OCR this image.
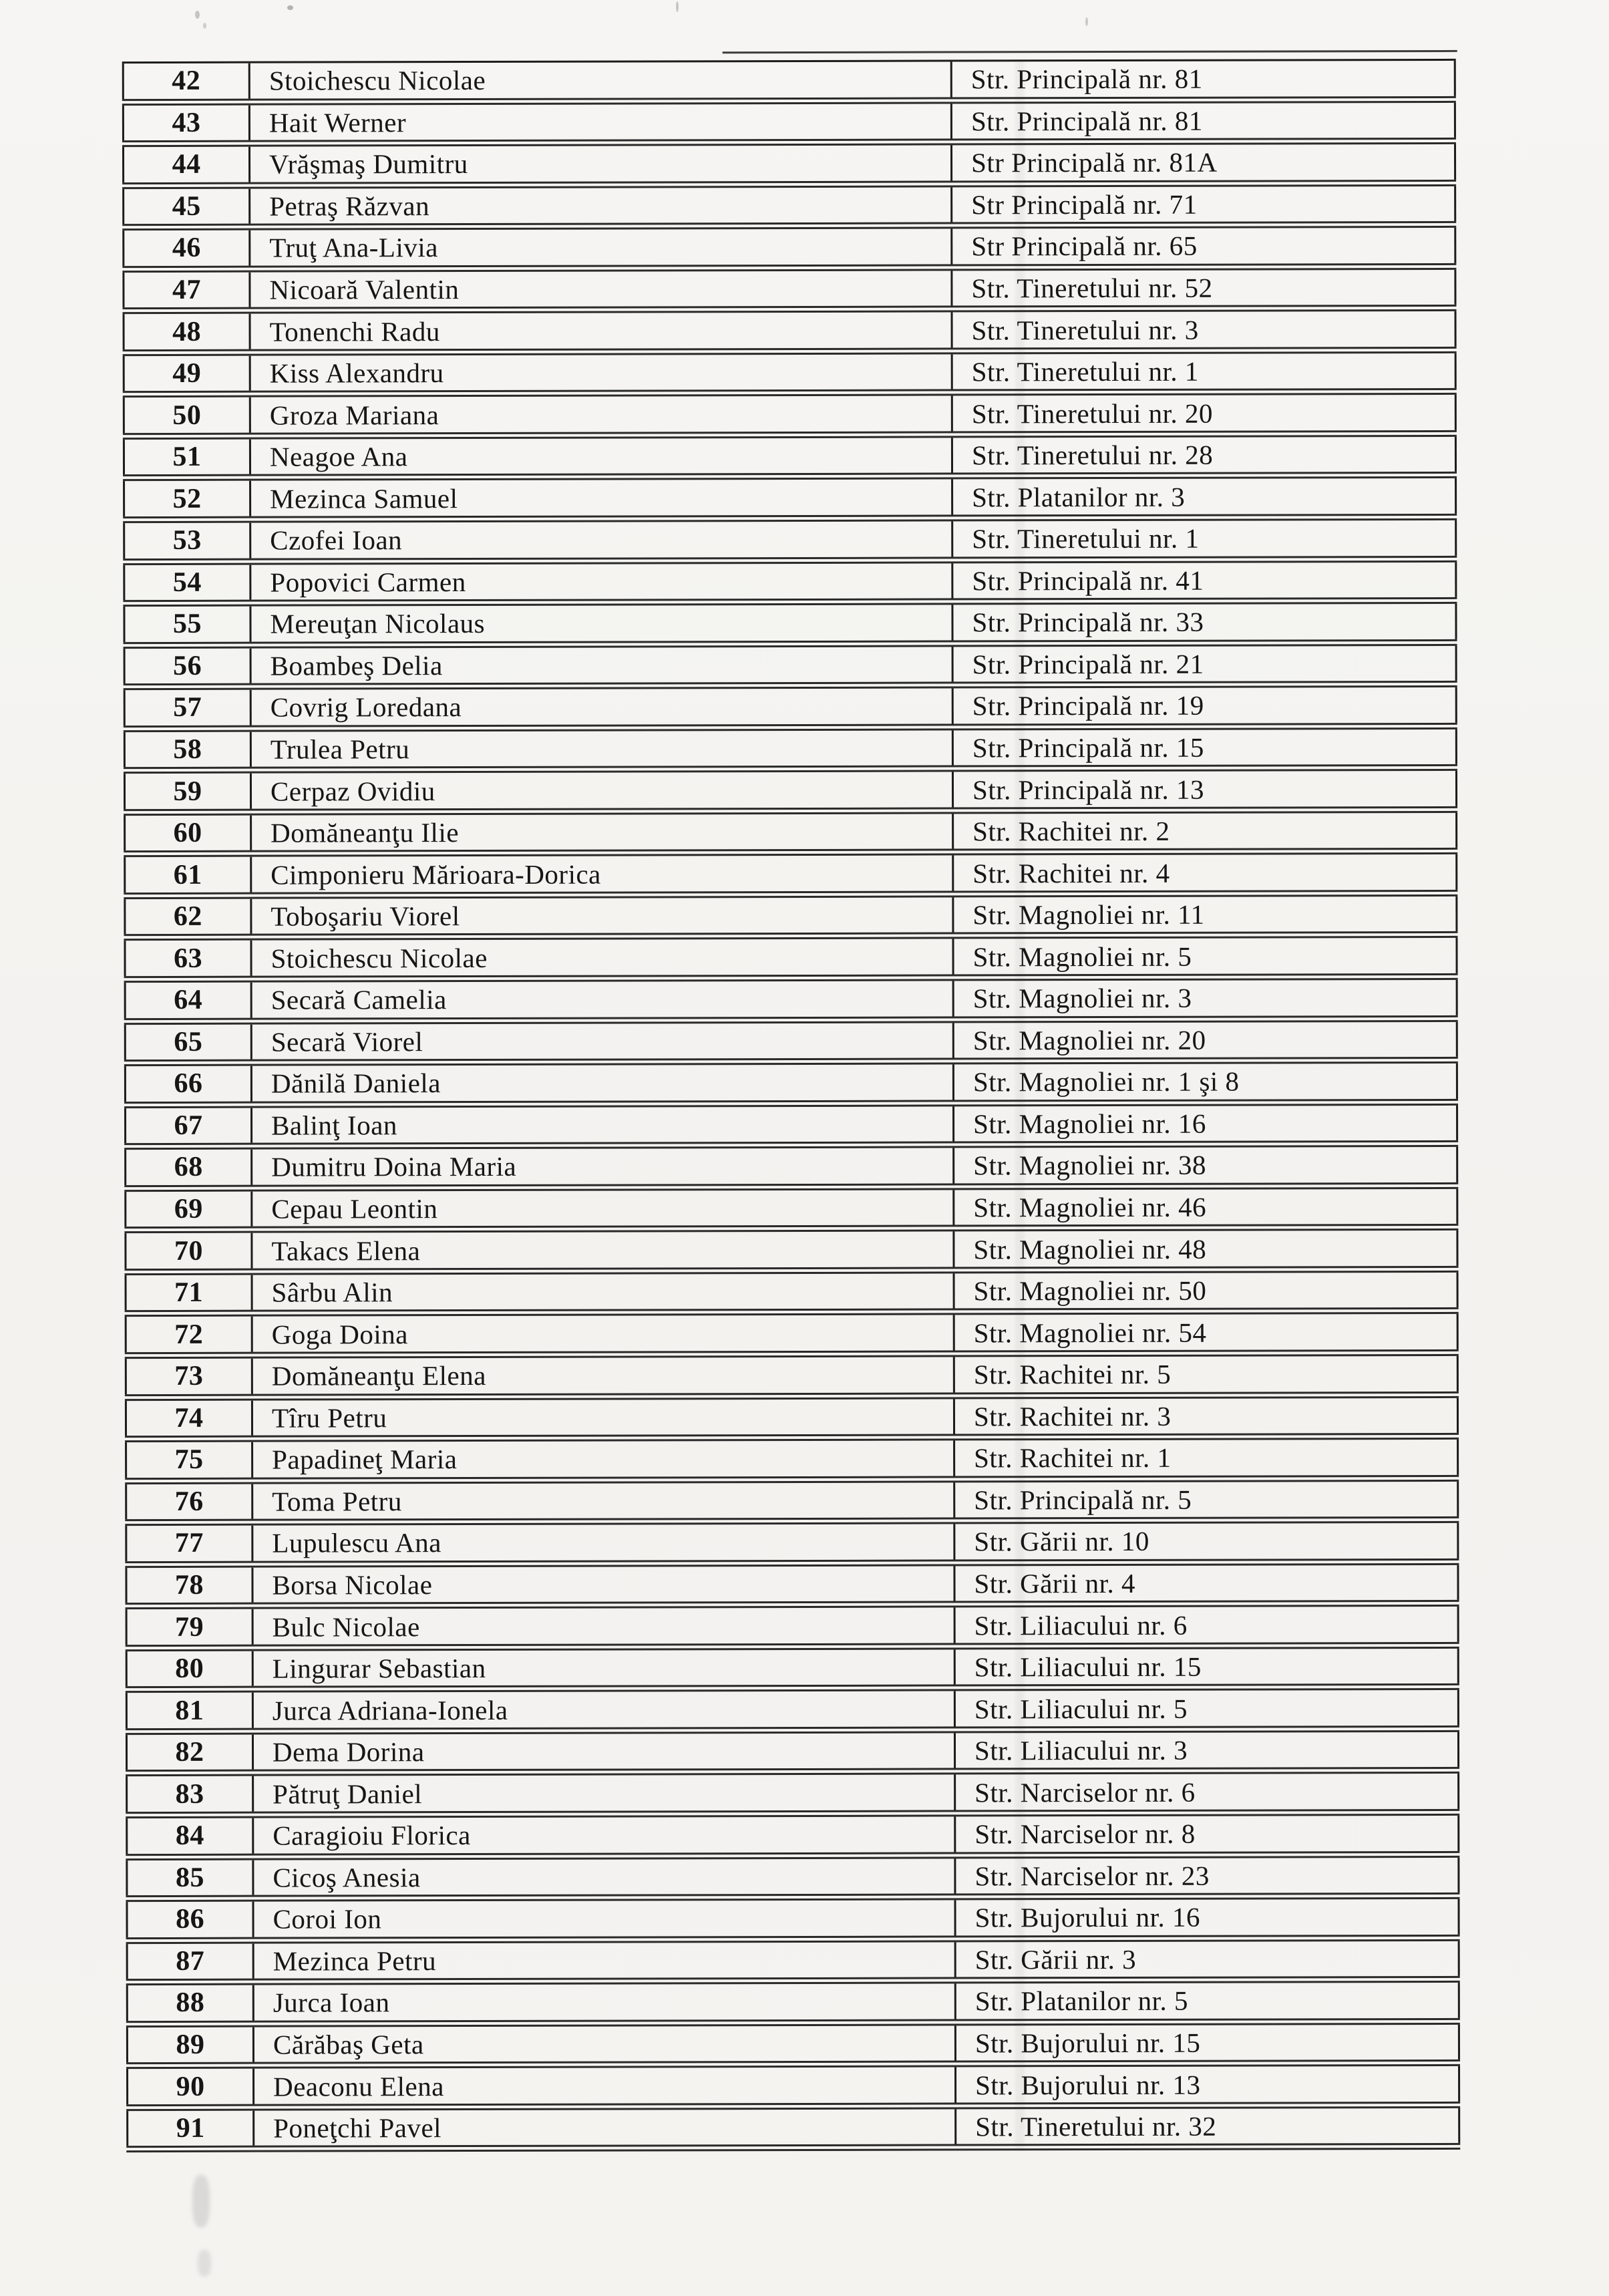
42	Stoichescu Nicolae	Str. Principală nr. 81
43	Hait Werner	Str. Principală nr. 81
44	Vrăşmaş Dumitru	Str Principală nr. 81A
45	Petraş Răzvan	Str Principală nr. 71
46	Truţ Ana-Livia	Str Principală nr. 65
47	Nicoară Valentin	Str. Tineretului nr. 52
48	Tonenchi Radu	Str. Tineretului nr. 3
49	Kiss Alexandru	Str. Tineretului nr. 1
50	Groza Mariana	Str. Tineretului nr. 20
51	Neagoe Ana	Str. Tineretului nr. 28
52	Mezinca Samuel	Str. Platanilor nr. 3
53	Czofei Ioan	Str. Tineretului nr. 1
54	Popovici Carmen	Str. Principală nr. 41
55	Mereuţan Nicolaus	Str. Principală nr. 33
56	Boambeş Delia	Str. Principală nr. 21
57	Covrig Loredana	Str. Principală nr. 19
58	Trulea Petru	Str. Principală nr. 15
59	Cerpaz Ovidiu	Str. Principală nr. 13
60	Domăneanţu Ilie	Str. Rachitei nr. 2
61	Cimponieru Mărioara-Dorica	Str. Rachitei nr. 4
62	Toboşariu Viorel	Str. Magnoliei nr. 11
63	Stoichescu Nicolae	Str. Magnoliei nr. 5
64	Secară Camelia	Str. Magnoliei nr. 3
65	Secară Viorel	Str. Magnoliei nr. 20
66	Dănilă Daniela	Str. Magnoliei nr. 1 şi 8
67	Balinţ Ioan	Str. Magnoliei nr. 16
68	Dumitru Doina Maria	Str. Magnoliei nr. 38
69	Cepau Leontin	Str. Magnoliei nr. 46
70	Takacs Elena	Str. Magnoliei nr. 48
71	Sârbu Alin	Str. Magnoliei nr. 50
72	Goga Doina	Str. Magnoliei nr. 54
73	Domăneanţu Elena	Str. Rachitei nr. 5
74	Tîru Petru	Str. Rachitei nr. 3
75	Papadineţ Maria	Str. Rachitei nr. 1
76	Toma Petru	Str. Principală nr. 5
77	Lupulescu Ana	Str. Gării nr. 10
78	Borsa Nicolae	Str. Gării nr. 4
79	Bulc Nicolae	Str. Liliacului nr. 6
80	Lingurar Sebastian	Str. Liliacului nr. 15
81	Jurca Adriana-Ionela	Str. Liliacului nr. 5
82	Dema Dorina	Str. Liliacului nr. 3
83	Pătruţ Daniel	Str. Narciselor nr. 6
84	Caragioiu Florica	Str. Narciselor nr. 8
85	Cicoş Anesia	Str. Narciselor nr. 23
86	Coroi Ion	Str. Bujorului nr. 16
87	Mezinca Petru	Str. Gării nr. 3
88	Jurca Ioan	Str. Platanilor nr. 5
89	Cărăbaş Geta	Str. Bujorului nr. 15
90	Deaconu Elena	Str. Bujorului nr. 13
91	Poneţchi Pavel	Str. Tineretului nr. 32
